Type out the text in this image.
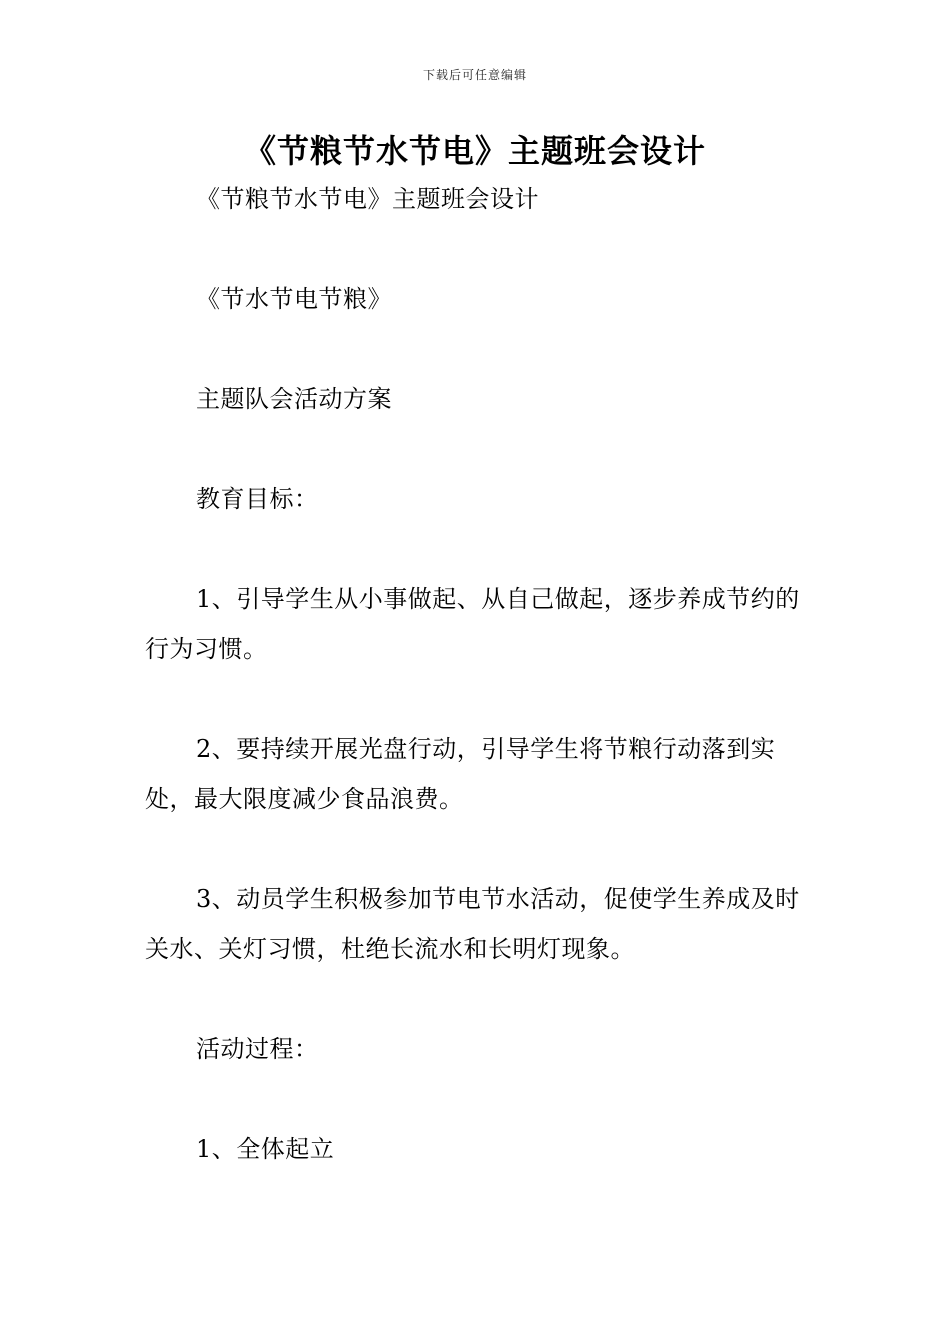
下载后可任意编辑
《节粮节水节电》主题班会设计

《节粮节水节电》主题班会设计

《节水节电节粮》

主题队会活动方案

教育目标：

1、引导学生从小事做起、从自己做起，逐步养成节约的行为习惯。

2、要持续开展光盘行动，引导学生将节粮行动落到实处，最大限度减少食品浪费。

3、动员学生积极参加节电节水活动，促使学生养成及时关水、关灯习惯，杜绝长流水和长明灯现象。

活动过程：

1、全体起立
